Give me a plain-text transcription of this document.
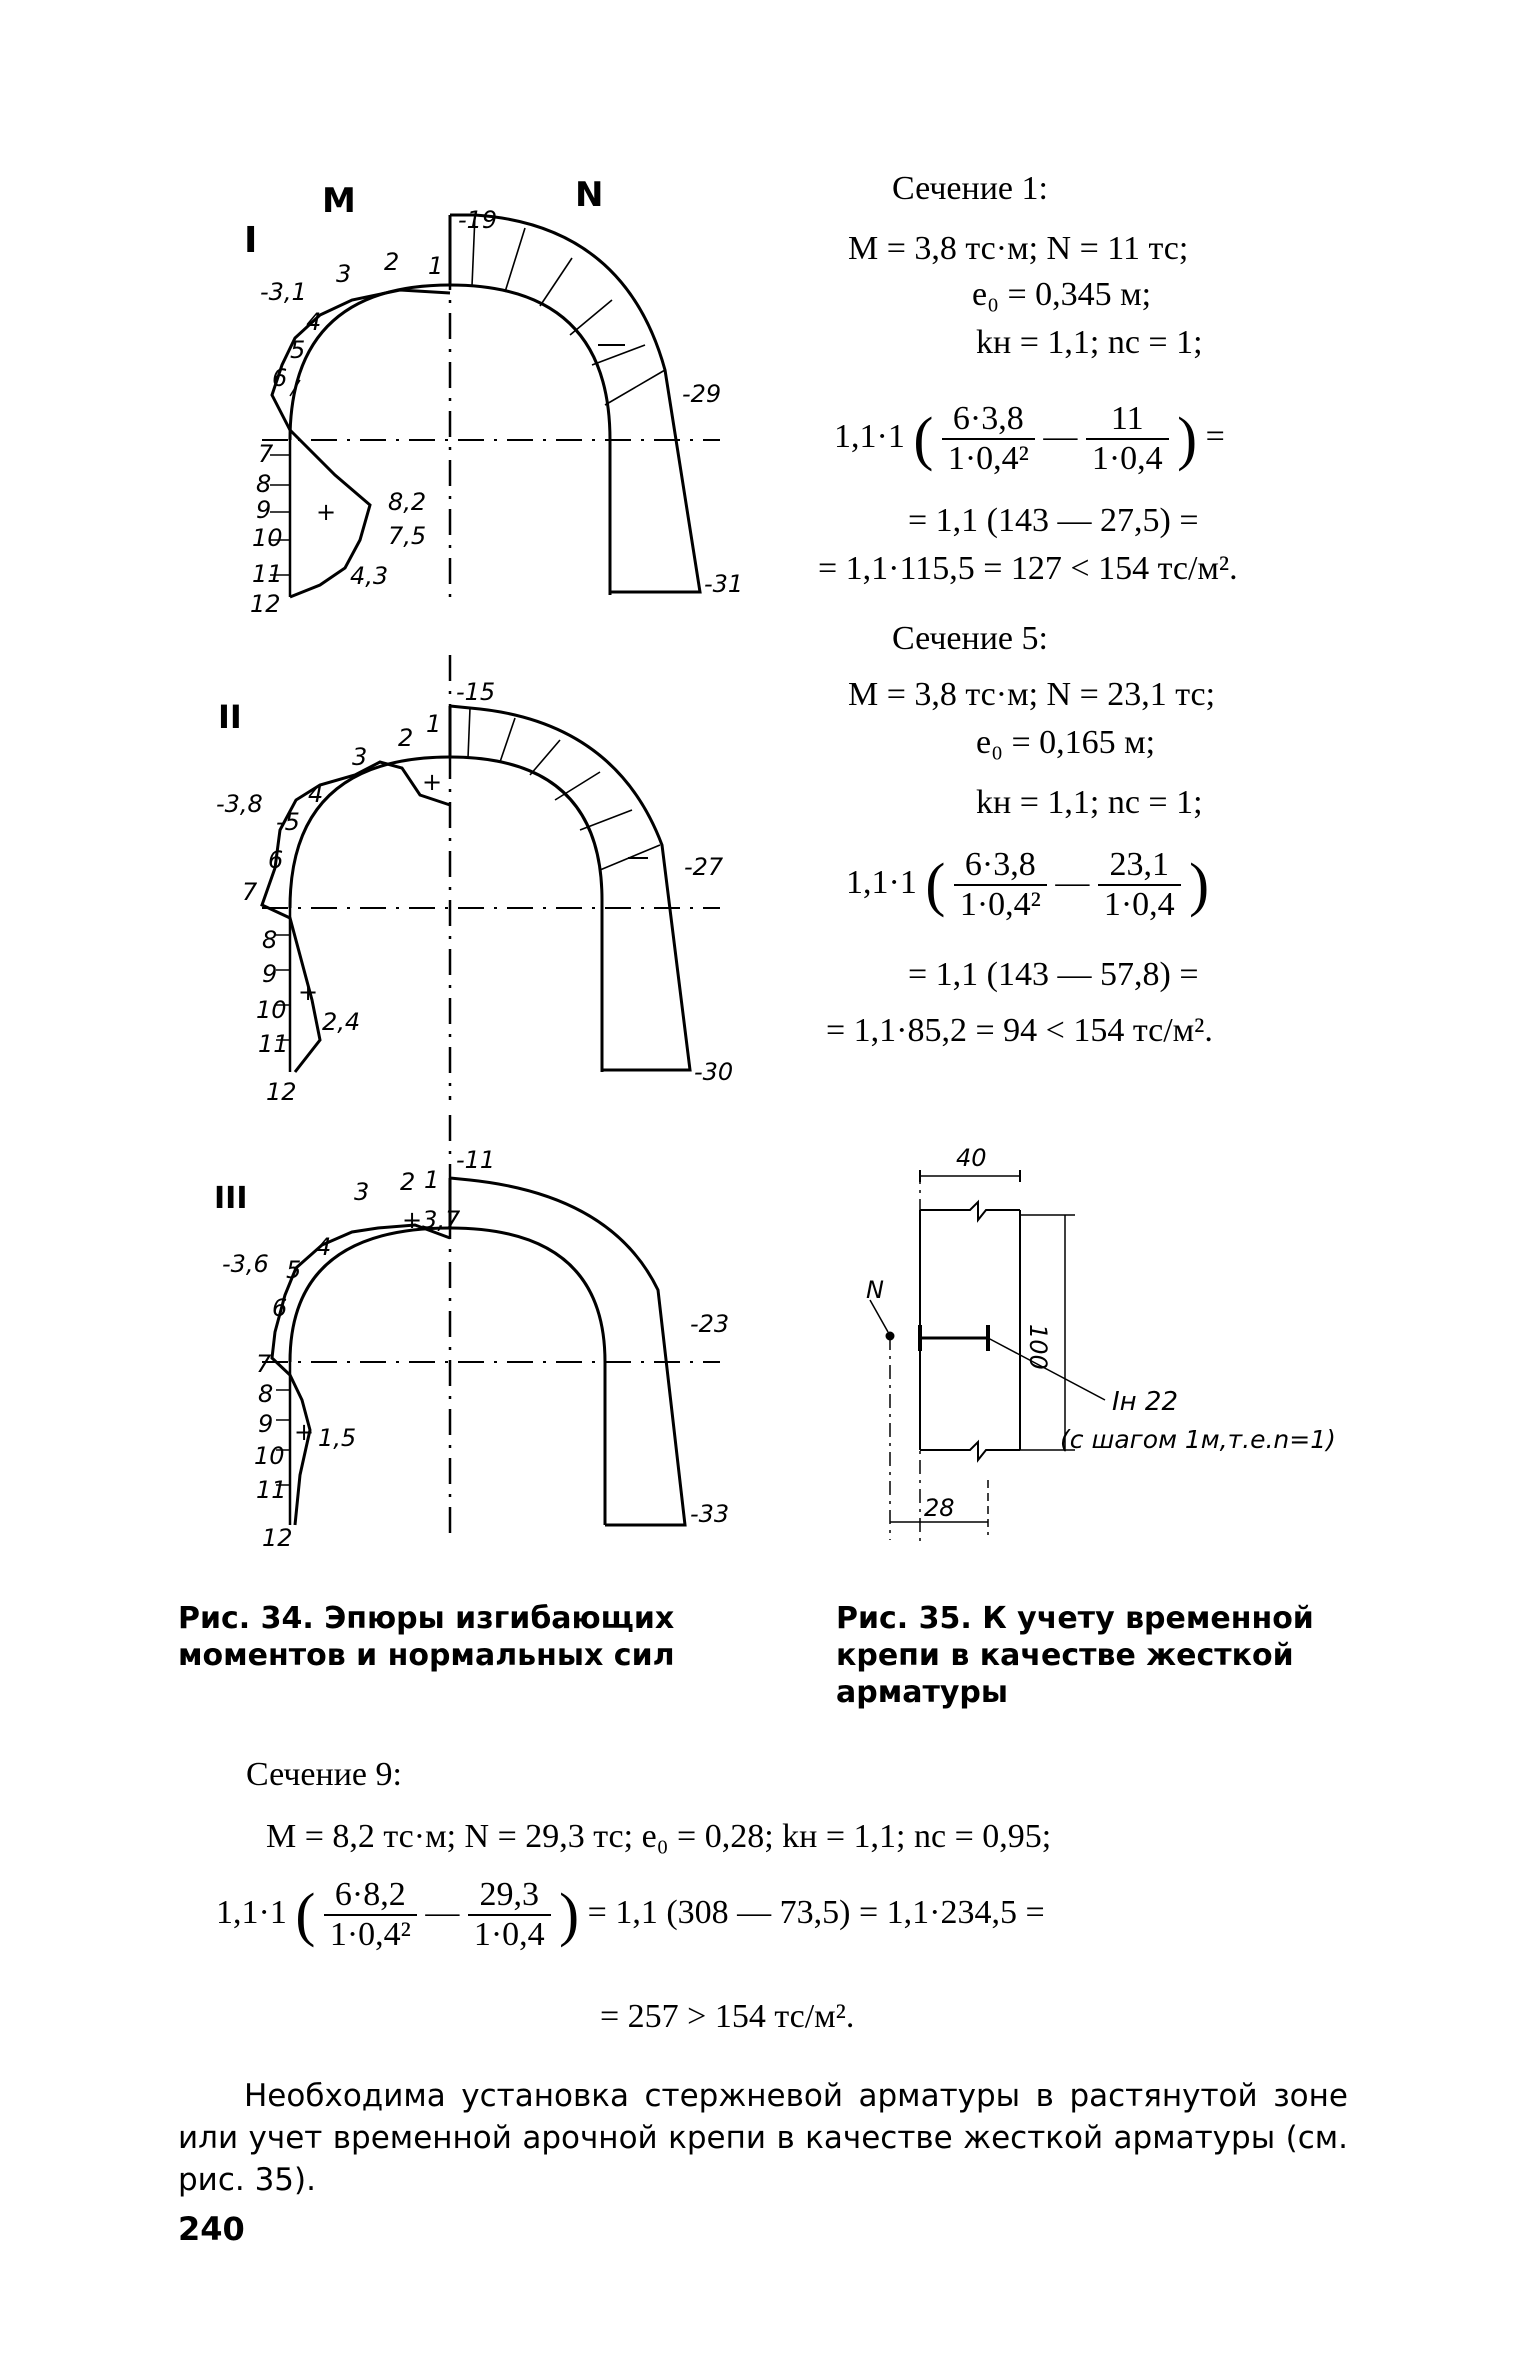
M	N
I	-19
-29
-31
-3,1
1
2
3
4
5
6
7
8
9
10
11
12
+ 8,2
7,5
4,3
II
-15
-27
-30
-3,8
1
2
3
4
-5
6
7
8
9
10
11
12
+
+
2,4
III
-11
-23
-33
-3,6
1
2
3
4
5
6
7
8
9
10
11
12
+
+3,7
1,5
Рис. 34. Эпюры изгибающих моментов и нормальных сил
40
100
28
N
Iн 22
(с шагом 1м,т.е.n=1)
Рис. 35. К учету временной крепи в качестве жесткой арматуры
Сечение 1:
M = 3,8 тс·м; N = 11 тс;
e₀ = 0,345 м;
kн = 1,1; nс = 1;
1,1·1 ( $\frac{6\cdot 3,8}{\text{1·0,4²}}$ — $\frac{11}{1\cdot 0,4}$ ) =
= 1,1 (143 — 27,5) =
= 1,1·115,5 = 127 < 154 тс/м².
Сечение 5:
M = 3,8 тс·м; N = 23,1 тс;
e₀ = 0,165 м;
kн = 1,1; nс = 1;
1,1·1 ( $\frac{6\cdot 3,8}{\text{1·0,4²}}$ — $\frac{23,1}{1\cdot 0,4}$ )
= 1,1 (143 — 57,8) =
= 1,1·85,2 = 94 < 154 тс/м².
Сечение 9:
M = 8,2 тс·м; N = 29,3 тс; e₀ = 0,28; kн = 1,1; nс = 0,95;
1,1·1 ( $\frac{6\cdot 8,2}{\text{1·0,4²}}$ — $\frac{29,3}{1\cdot 0,4}$ ) = 1,1 (308 — 73,5) = 1,1·234,5 =
= 257 > 154 тс/м².
Необходима установка стержневой арматуры в растянутой зоне или учет временной арочной крепи в качестве жесткой арматуры (см. рис. 35).
240
